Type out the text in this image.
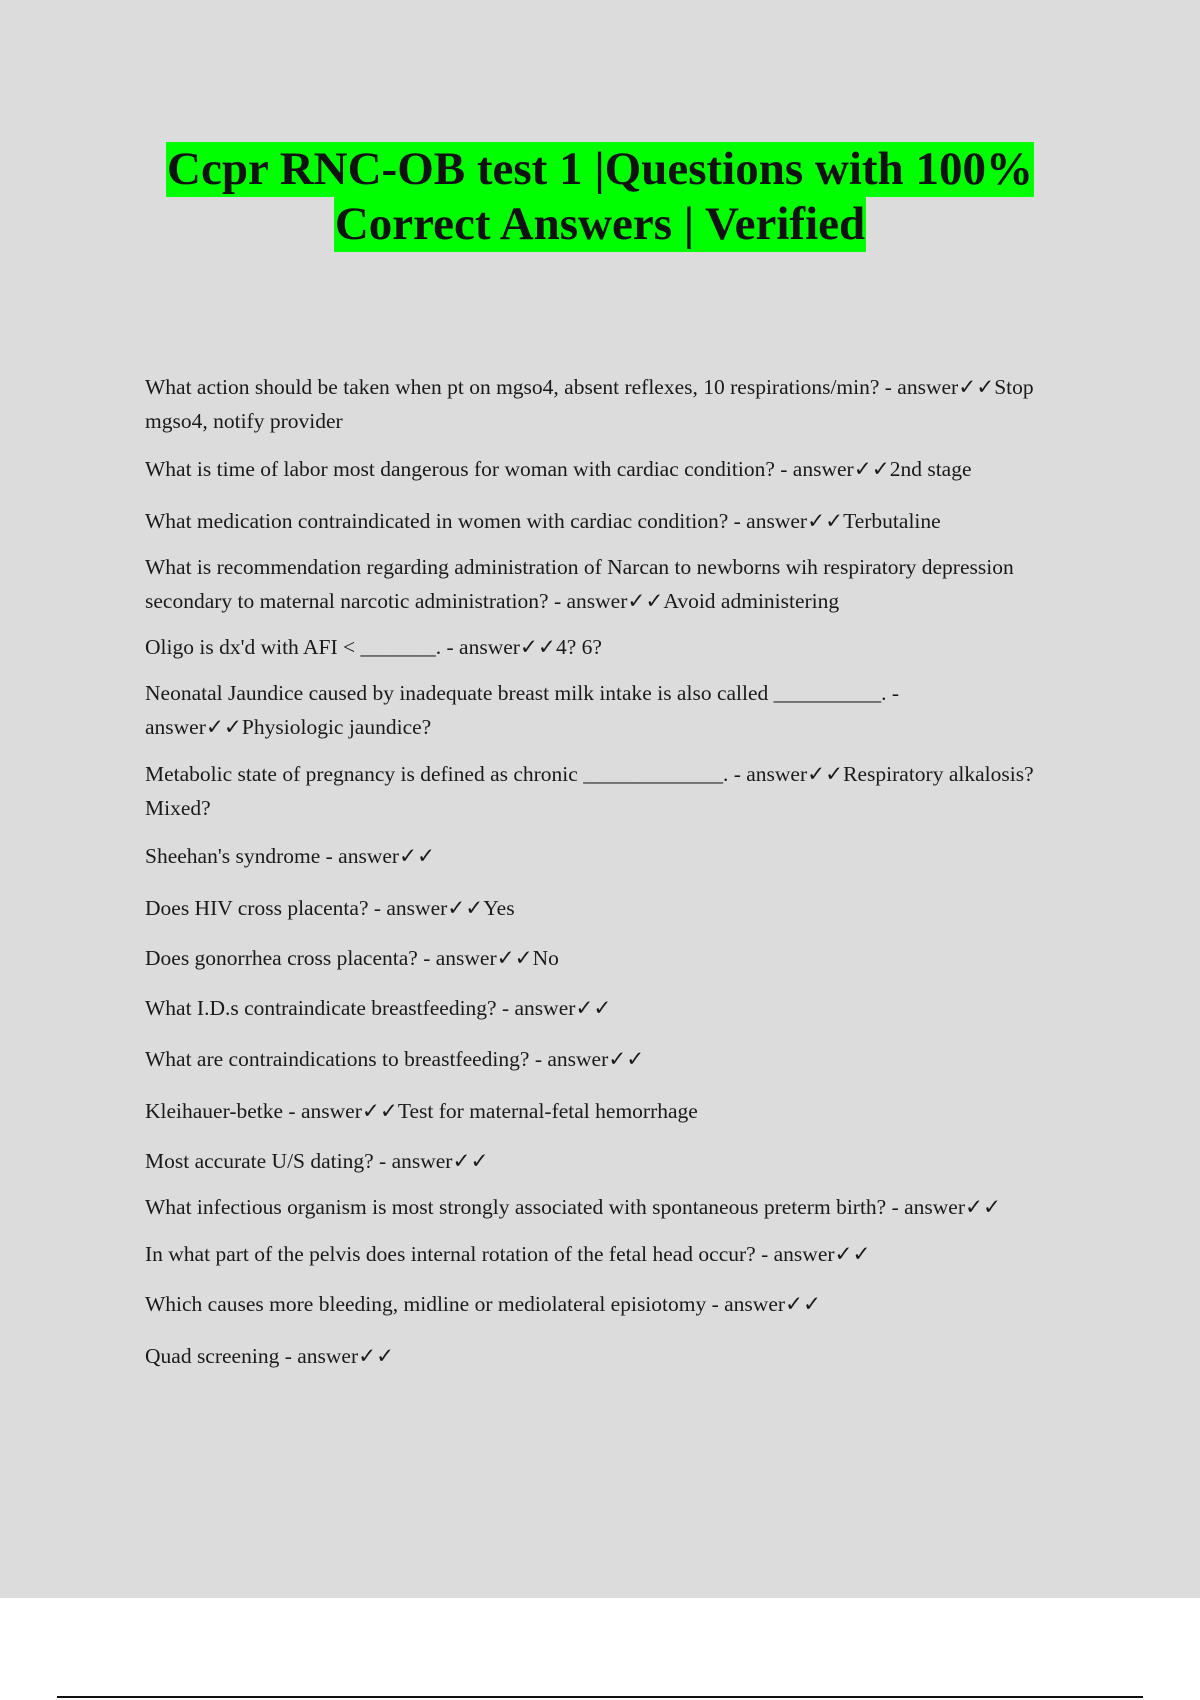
Ccpr RNC-OB test 1 |Questions with 100%
Correct Answers | Verified

What action should be taken when pt on mgso4, absent reflexes, 10 respirations/min? - answer✓✓Stop mgso4, notify provider

What is time of labor most dangerous for woman with cardiac condition? - answer✓✓2nd stage

What medication contraindicated in women with cardiac condition? - answer✓✓Terbutaline

What is recommendation regarding administration of Narcan to newborns wih respiratory depression secondary to maternal narcotic administration? - answer✓✓Avoid administering

Oligo is dx'd with AFI < _______. - answer✓✓4? 6?

Neonatal Jaundice caused by inadequate breast milk intake is also called __________. - answer✓✓Physiologic jaundice?

Metabolic state of pregnancy is defined as chronic _____________. - answer✓✓Respiratory alkalosis? Mixed?

Sheehan's syndrome - answer✓✓

Does HIV cross placenta? - answer✓✓Yes

Does gonorrhea cross placenta? - answer✓✓No

What I.D.s contraindicate breastfeeding? - answer✓✓

What are contraindications to breastfeeding? - answer✓✓

Kleihauer-betke - answer✓✓Test for maternal-fetal hemorrhage

Most accurate U/S dating? - answer✓✓

What infectious organism is most strongly associated with spontaneous preterm birth? - answer✓✓

In what part of the pelvis does internal rotation of the fetal head occur? - answer✓✓

Which causes more bleeding, midline or mediolateral episiotomy - answer✓✓

Quad screening - answer✓✓
